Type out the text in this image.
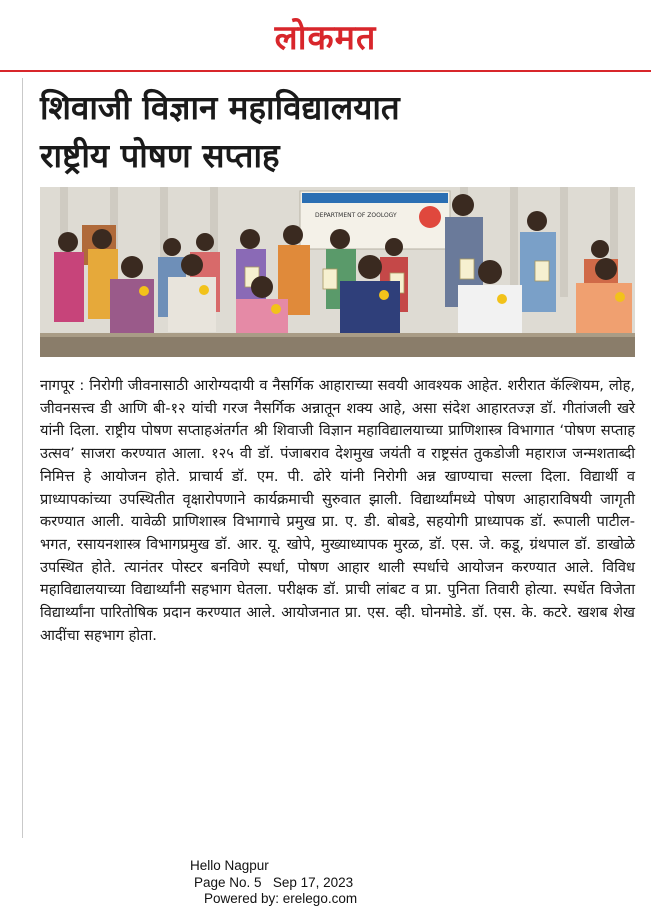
लोकमत
शिवाजी विज्ञान महाविद्यालयात
राष्ट्रीय पोषण सप्ताह
DEPARTMENT OF ZOOLOGY
नागपूर : निरोगी जीवनासाठी आरोग्यदायी व नैसर्गिक आहाराच्या सवयी आवश्यक आहेत. शरीरात कॅल्शियम, लोह, जीवनसत्त्व डी आणि बी-१२ यांची गरज नैसर्गिक अन्नातून शक्य आहे, असा संदेश आहारतज्ज्ञ डॉ. गीतांजली खरे यांनी दिला. राष्ट्रीय पोषण सप्ताहअंतर्गत श्री शिवाजी विज्ञान महाविद्यालयाच्या प्राणिशास्त्र विभागात ‘पोषण सप्ताह उत्सव’ साजरा करण्यात आला. १२५ वी डॉ. पंजाबराव देशमुख जयंती व राष्ट्रसंत तुकडोजी महाराज जन्मशताब्दी निमित्त हे आयोजन होते. प्राचार्य डॉ. एम. पी. ढोरे यांनी निरोगी अन्न खाण्याचा सल्ला दिला. विद्यार्थी व प्राध्यापकांच्या उपस्थितीत वृक्षारोपणाने कार्यक्रमाची सुरुवात झाली. विद्यार्थ्यांमध्ये पोषण आहाराविषयी जागृती करण्यात आली. यावेळी प्राणिशास्त्र विभागाचे प्रमुख प्रा. ए. डी. बोबडे, सहयोगी प्राध्यापक डॉ. रूपाली पाटील-भगत, रसायनशास्त्र विभागप्रमुख डॉ. आर. यू. खोपे, मुख्याध्यापक मुरळ, डॉ. एस. जे. कडू, ग्रंथपाल डॉ. डाखोळे उपस्थित होते. त्यानंतर पोस्टर बनविणे स्पर्धा, पोषण आहार थाली स्पर्धाचे आयोजन करण्यात आले. विविध महाविद्यालयाच्या विद्यार्थ्यांनी सहभाग घेतला. परीक्षक डॉ. प्राची लांबट व प्रा. पुनिता तिवारी होत्या. स्पर्धेत विजेता विद्यार्थ्यांना पारितोषिक प्रदान करण्यात आले. आयोजनात प्रा. एस. व्ही. घोनमोडे. डॉ. एस. के. कटरे. खशब शेख आदींचा सहभाग होता.
Hello Nagpur
Page No. 5 Sep 17, 2023
Powered by: erelego.com
